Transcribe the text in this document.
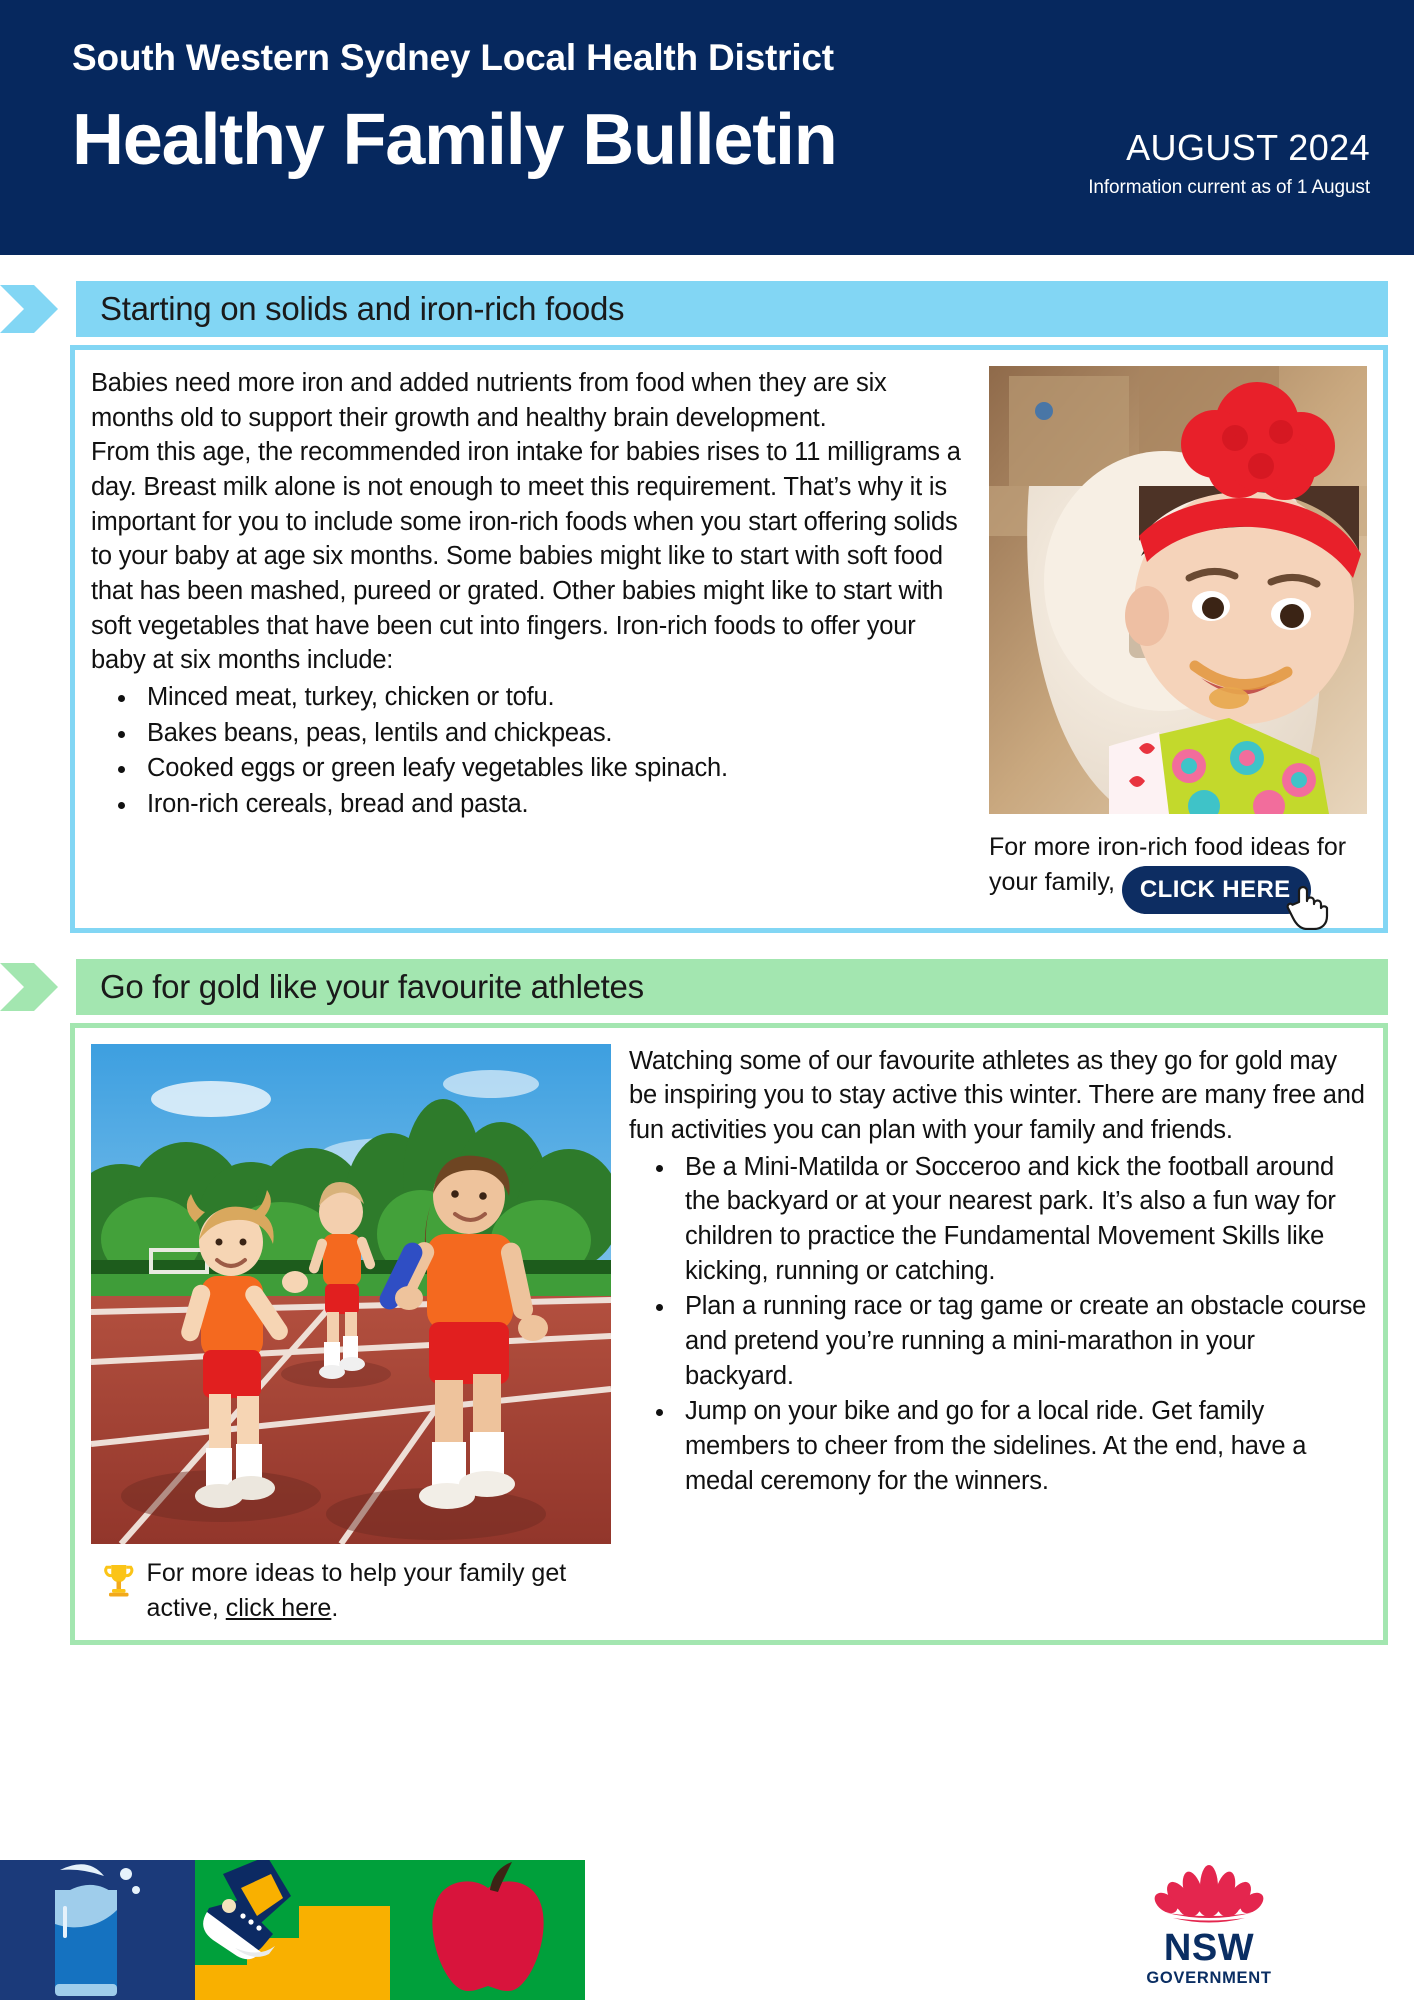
South Western Sydney Local Health District
Healthy Family Bulletin	AUGUST 2024
Information current as of 1 August
Starting on solids and iron-rich foods
Babies need more iron and added nutrients from food when they are six months old to support their growth and healthy brain development.
From this age, the recommended iron intake for babies rises to 11 milligrams a day. Breast milk alone is not enough to meet this requirement. That’s why it is important for you to include some iron-rich foods when you start offering solids to your baby at age six months. Some babies might like to start with soft food that has been mashed, pureed or grated. Other babies might like to start with soft vegetables that have been cut into fingers. Iron-rich foods to offer your baby at six months include:
• Minced meat, turkey, chicken or tofu.
• Bakes beans, peas, lentils and chickpeas.
• Cooked eggs or green leafy vegetables like spinach.
• Iron-rich cereals, bread and pasta.
For more iron-rich food ideas for your family, CLICK HERE
Go for gold like your favourite athletes
For more ideas to help your family get active, click here.
Watching some of our favourite athletes as they go for gold may be inspiring you to stay active this winter. There are many free and fun activities you can plan with your family and friends.
• Be a Mini-Matilda or Socceroo and kick the football around the backyard or at your nearest park. It’s also a fun way for children to practice the Fundamental Movement Skills like kicking, running or catching.
• Plan a running race or tag game or create an obstacle course and pretend you’re running a mini-marathon in your backyard.
• Jump on your bike and go for a local ride. Get family members to cheer from the sidelines. At the end, have a medal ceremony for the winners.
NSW
GOVERNMENT
